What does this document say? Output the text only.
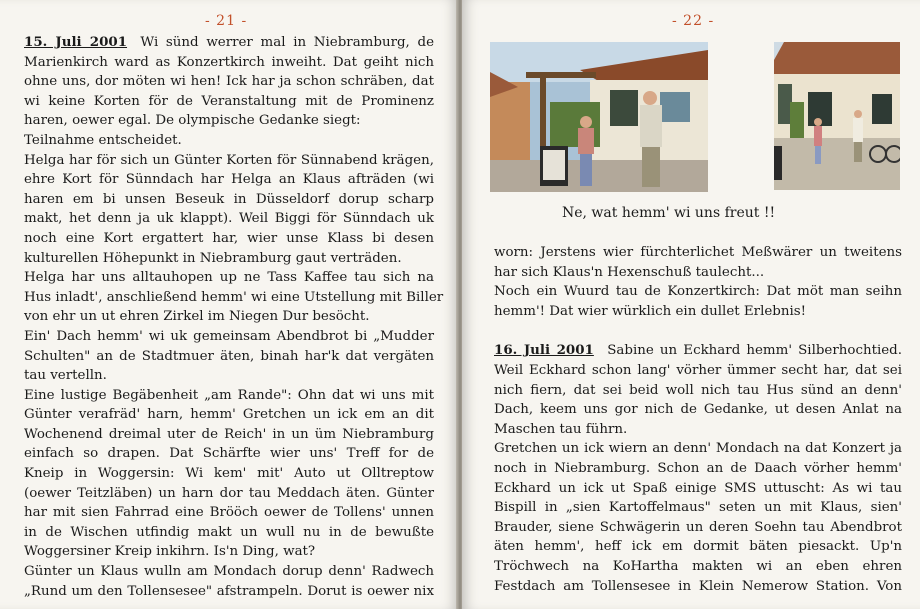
- 21 -
15. Juli 2001  Wi sünd werrer mal in Niebramburg, de
Marienkirch ward as Konzertkirch inweiht. Dat geiht nich
ohne uns, dor möten wi hen! Ick har ja schon schräben, dat
wi keine Korten för de Veranstaltung mit de Prominenz
haren, oewer egal. De olympische Gedanke siegt:
Teilnahme entscheidet.
Helga har för sich un Günter Korten för Sünnabend krägen,
ehre Kort för Sünndach har Helga an Klaus afträden (wi
haren em bi unsen Beseuk in Düsseldorf dorup scharp
makt, het denn ja uk klappt). Weil Biggi för Sünndach uk
noch eine Kort ergattert har, wier unse Klass bi desen
kulturellen Höhepunkt in Niebramburg gaut verträden.
Helga har uns alltauhopen up ne Tass Kaffee tau sich na
Hus inladt', anschließend hemm' wi eine Utstellung mit Biller
von ehr un ut ehren Zirkel im Niegen Dur besöcht.
Ein' Dach hemm' wi uk gemeinsam Abendbrot bi „Mudder
Schulten" an de Stadtmuer äten, binah har'k dat vergäten
tau vertelln.
Eine lustige Begäbenheit „am Rande": Ohn dat wi uns mit
Günter verafräd' harn, hemm' Gretchen un ick em an dit
Wochenend dreimal uter de Reich' in un üm Niebramburg
einfach so drapen. Dat Schärfte wier uns' Treff for de
Kneip in Woggersin: Wi kem' mit' Auto ut Olltreptow
(oewer Teitzläben) un harn dor tau Meddach äten. Günter
har mit sien Fahrrad eine Brööch oewer de Tollens' unnen
in de Wischen utfindig makt un wull nu in de bewußte
Woggersiner Kreip inkihrn. Is'n Ding, wat?
Günter un Klaus wulln am Mondach dorup denn' Radwech
„Rund um den Tollensesee" afstrampeln. Dorut is oewer nix
- 22 -
Ne, wat hemm' wi uns freut !!
worn: Jerstens wier fürchterlichet Meßwärer un tweitens
har sich Klaus'n Hexenschuß taulecht...
Noch ein Wuurd tau de Konzertkirch: Dat möt man seihn
hemm'! Dat wier würklich ein dullet Erlebnis!
16. Juli 2001  Sabine un Eckhard hemm' Silberhochtied.
Weil Eckhard schon lang' vörher ümmer secht har, dat sei
nich fiern, dat sei beid woll nich tau Hus sünd an denn'
Dach, keem uns gor nich de Gedanke, ut desen Anlat na
Maschen tau führn.
Gretchen un ick wiern an denn' Mondach na dat Konzert ja
noch in Niebramburg. Schon an de Daach vörher hemm'
Eckhard un ick ut Spaß einige SMS uttuscht: As wi tau
Bispill in „sien Kartoffelmaus" seten un mit Klaus, sien'
Brauder, siene Schwägerin un deren Soehn tau Abendbrot
äten hemm', heff ick em dormit bäten piesackt. Up'n
Tröchwech na KoHartha makten wi an eben ehren
Festdach am Tollensesee in Klein Nemerow Station. Von
